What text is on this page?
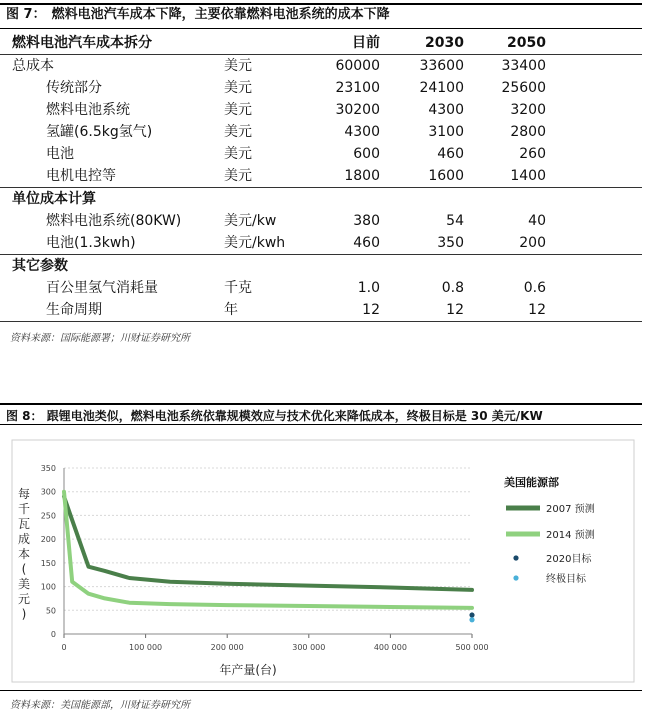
图 7： 燃料电池汽车成本下降，主要依靠燃料电池系统的成本下降
燃料电池汽车成本拆分	目前	2030	2050
总成本	美元	60000	33600	33400
传统部分	美元	23100	24100	25600
燃料电池系统	美元	30200	4300	3200
氢罐(6.5kg氢气)	美元	4300	3100	2800
电池	美元	600	460	260
电机电控等	美元	1800	1600	1400
单位成本计算
燃料电池系统(80KW)	美元/kw	380	54	40
电池(1.3kwh)	美元/kwh	460	350	200
其它参数
百公里氢气消耗量	千克	1.0	0.8	0.6
生命周期	年	12	12	12
资料来源：国际能源署；川财证券研究所
图 8： 跟锂电池类似，燃料电池系统依靠规模效应与技术优化来降低成本，终极目标是 30 美元/KW
0
50
100
150
200
250
300
350
0	100 000	200 000	300 000	400 000	500 000
每千瓦成本(美元)
年产量(台)
美国能源部
2007 预测
2014 预测
2020目标
终极目标
资料来源：美国能源部，川财证券研究所
